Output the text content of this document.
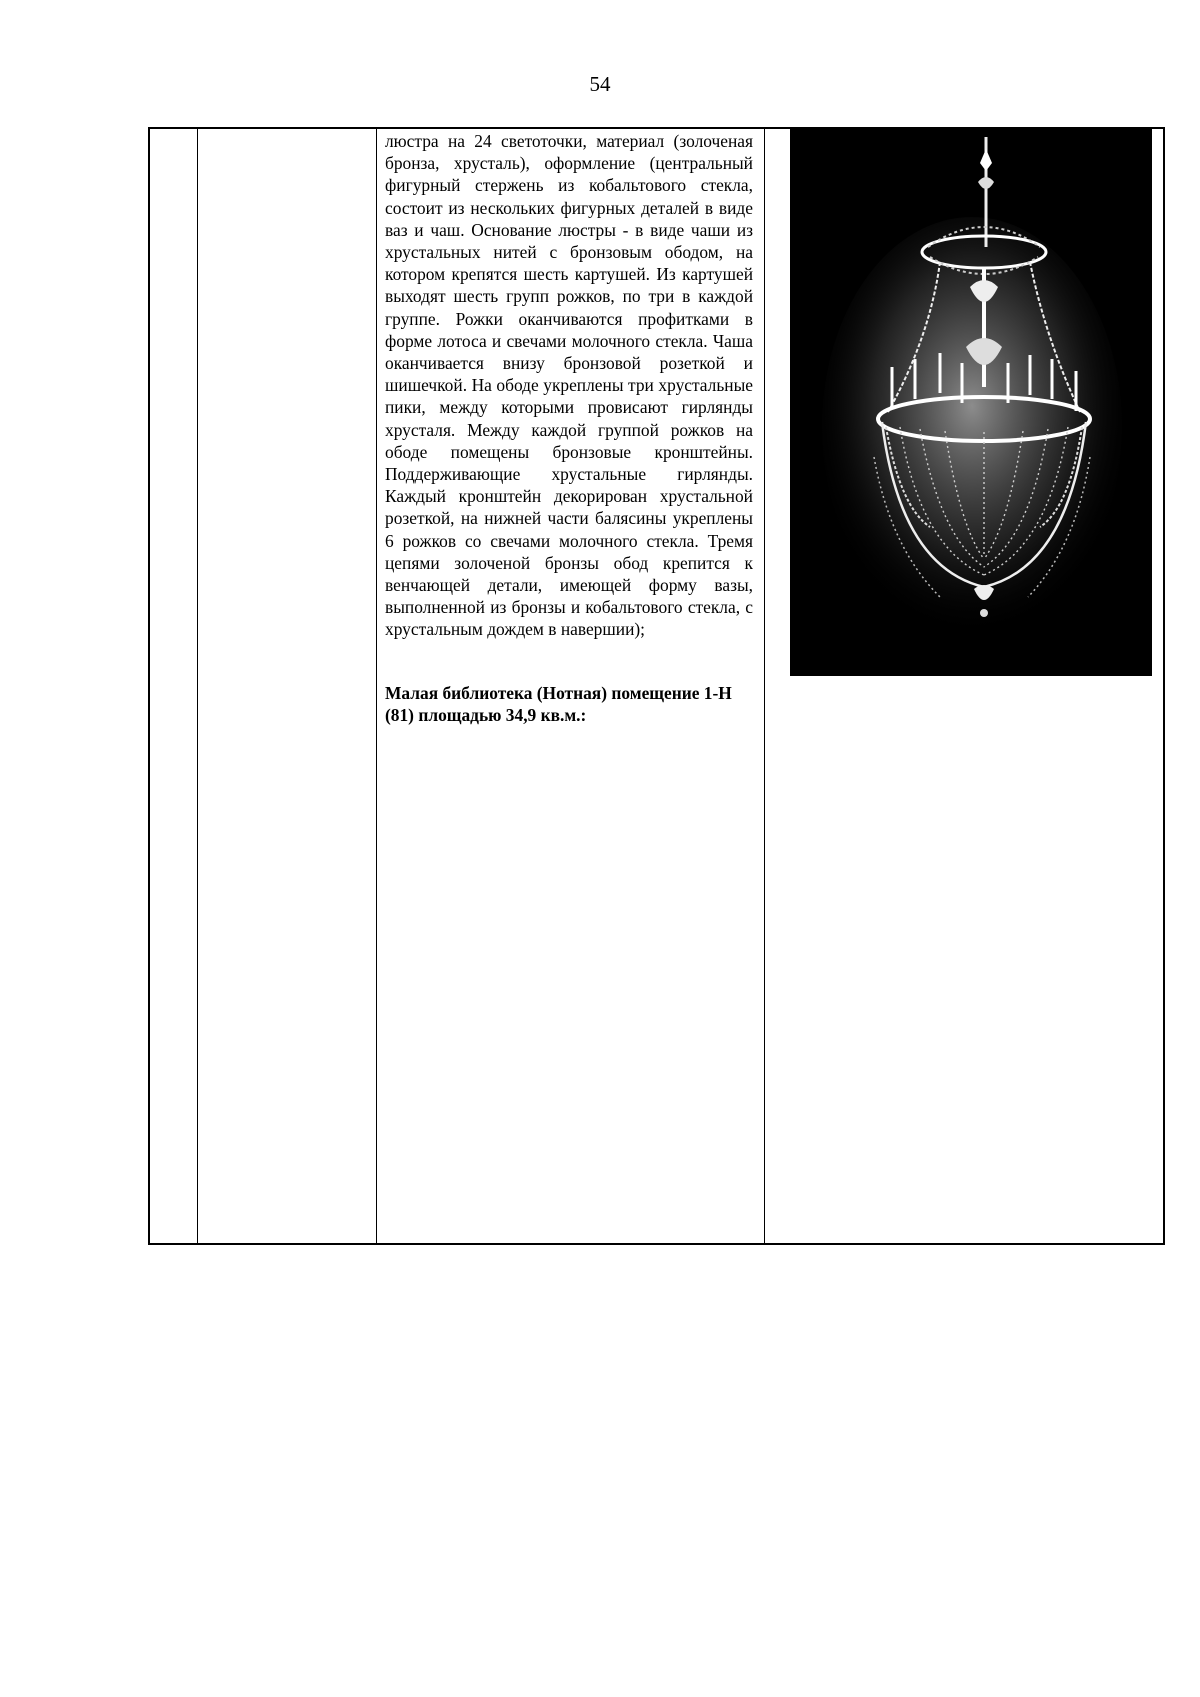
54

люстра на 24 светоточки, материал (золоченая бронза, хрусталь), оформление (центральный фигурный стержень из кобальтового стекла, состоит из нескольких фигурных деталей в виде ваз и чаш. Основание люстры - в виде чаши из хрустальных нитей с бронзовым ободом, на котором крепятся шесть картушей. Из картушей выходят шесть групп рожков, по три в каждой группе. Рожки оканчиваются профитками в форме лотоса и свечами молочного стекла. Чаша оканчивается внизу бронзовой розеткой и шишечкой. На ободе укреплены три хрустальные пики, между которыми провисают гирлянды хрусталя. Между каждой группой рожков на ободе помещены бронзовые кронштейны. Поддерживающие хрустальные гирлянды. Каждый кронштейн декорирован хрустальной розеткой, на нижней части балясины укреплены 6 рожков со свечами молочного стекла. Тремя цепями золоченой бронзы обод крепится к венчающей детали, имеющей форму вазы, выполненной из бронзы и кобальтового стекла, с хрустальным дождем в навершии);

Малая библиотека (Нотная) помещение 1-Н (81) площадью 34,9 кв.м.:
